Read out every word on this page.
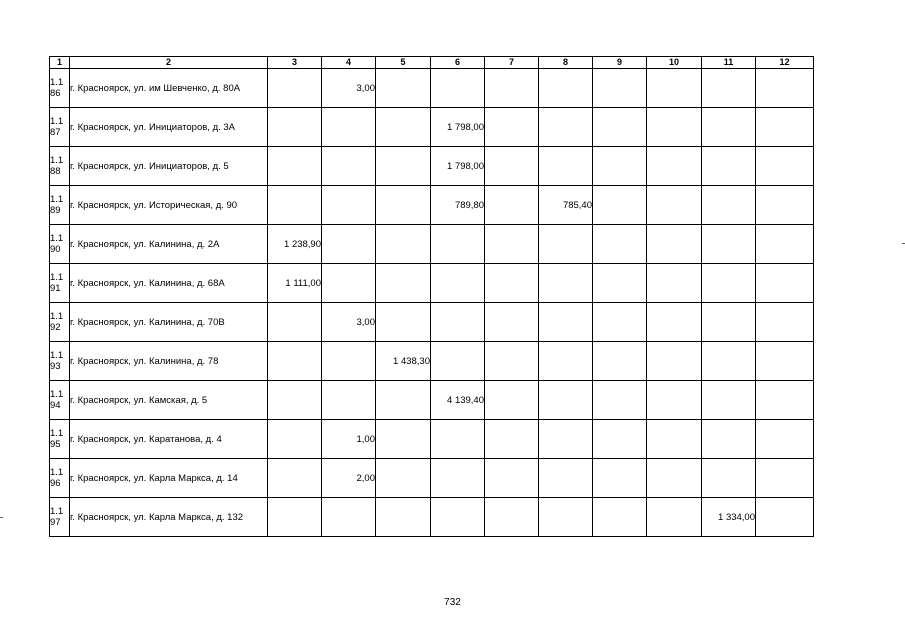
1	2	3	4	5	6	7	8	9	10	11	12
1.1
86	г. Красноярск, ул. им Шевченко, д. 80А		3,00								
1.1
87	г. Красноярск, ул. Инициаторов, д. 3А				1 798,00						
1.1
88	г. Красноярск, ул. Инициаторов, д. 5				1 798,00						
1.1
89	г. Красноярск, ул. Историческая, д. 90				789,80		785,40				
1.1
90	г. Красноярск, ул. Калинина, д. 2А	1 238,90									
1.1
91	г. Красноярск, ул. Калинина, д. 68А	1 111,00									
1.1
92	г. Красноярск, ул. Калинина, д. 70В		3,00								
1.1
93	г. Красноярск, ул. Калинина, д. 78			1 438,30							
1.1
94	г. Красноярск, ул. Камская, д. 5				4 139,40						
1.1
95	г. Красноярск, ул. Каратанова, д. 4		1,00								
1.1
96	г. Красноярск, ул. Карла Маркса, д. 14		2,00								
1.1
97	г. Красноярск, ул. Карла Маркса, д. 132									1 334,00	
732
